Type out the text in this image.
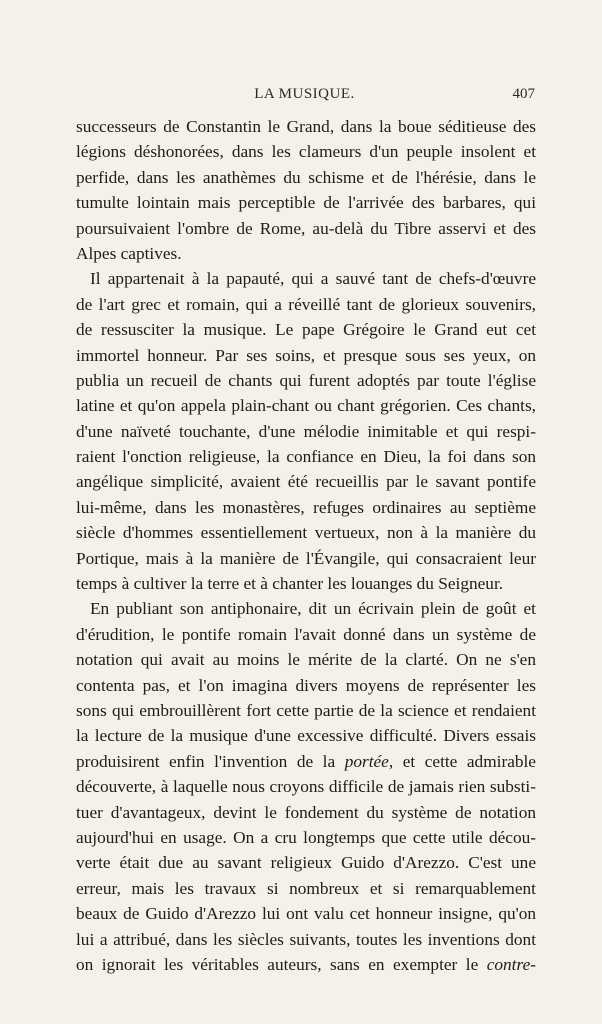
LA MUSIQUE.	407
successeurs de Constantin le Grand, dans la boue séditieuse des
légions déshonorées, dans les clameurs d'un peuple insolent et
perfide, dans les anathèmes du schisme et de l'hérésie, dans le
tumulte lointain mais perceptible de l'arrivée des barbares, qui
poursuivaient l'ombre de Rome, au-delà du Tibre asservi et des
Alpes captives.
Il appartenait à la papauté, qui a sauvé tant de chefs-d'œuvre
de l'art grec et romain, qui a réveillé tant de glorieux souvenirs,
de ressusciter la musique. Le pape Grégoire le Grand eut cet
immortel honneur. Par ses soins, et presque sous ses yeux, on
publia un recueil de chants qui furent adoptés par toute l'église
latine et qu'on appela plain-chant ou chant grégorien. Ces chants,
d'une naïveté touchante, d'une mélodie inimitable et qui respi-
raient l'onction religieuse, la confiance en Dieu, la foi dans son
angélique simplicité, avaient été recueillis par le savant pontife
lui-même, dans les monastères, refuges ordinaires au septième
siècle d'hommes essentiellement vertueux, non à la manière du
Portique, mais à la manière de l'Évangile, qui consacraient leur
temps à cultiver la terre et à chanter les louanges du Seigneur.
En publiant son antiphonaire, dit un écrivain plein de goût et
d'érudition, le pontife romain l'avait donné dans un système de
notation qui avait au moins le mérite de la clarté. On ne s'en
contenta pas, et l'on imagina divers moyens de représenter les
sons qui embrouillèrent fort cette partie de la science et rendaient
la lecture de la musique d'une excessive difficulté. Divers essais
produisirent enfin l'invention de la portée, et cette admirable
découverte, à laquelle nous croyons difficile de jamais rien substi-
tuer d'avantageux, devint le fondement du système de notation
aujourd'hui en usage. On a cru longtemps que cette utile décou-
verte était due au savant religieux Guido d'Arezzo. C'est une
erreur, mais les travaux si nombreux et si remarquablement
beaux de Guido d'Arezzo lui ont valu cet honneur insigne, qu'on
lui a attribué, dans les siècles suivants, toutes les inventions dont
on ignorait les véritables auteurs, sans en exempter le contre-
